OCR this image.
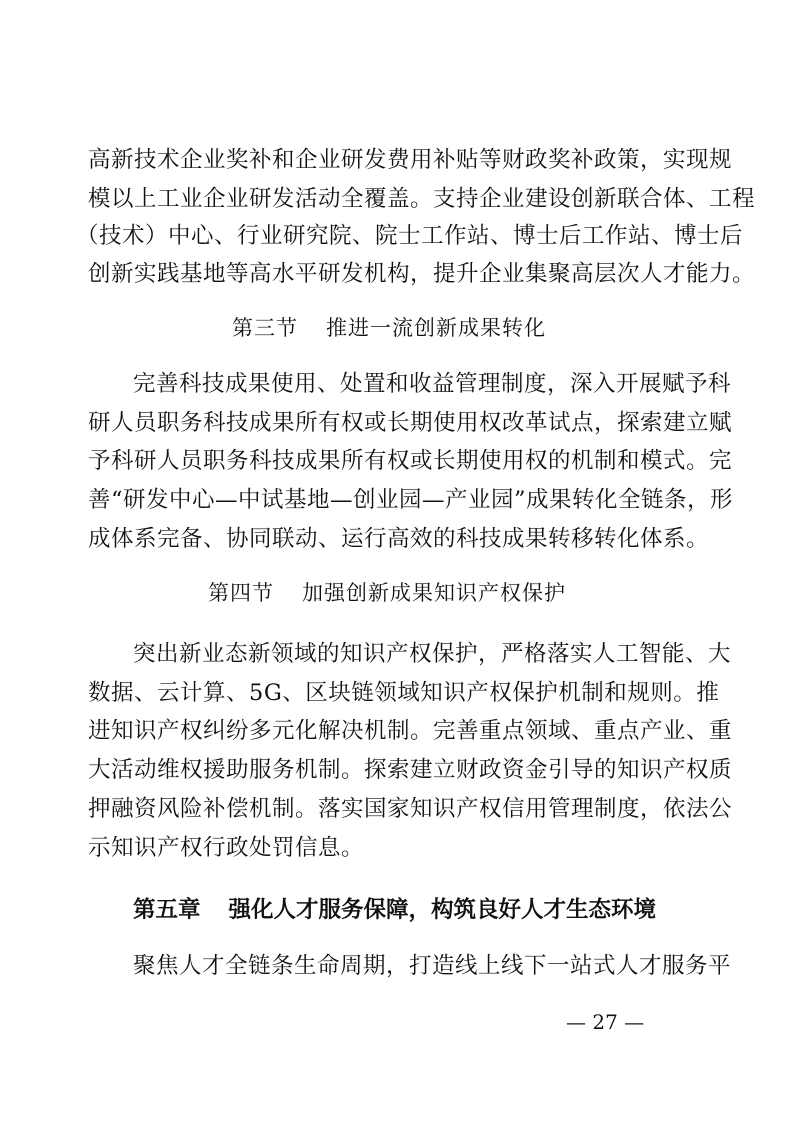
高新技术企业奖补和企业研发费用补贴等财政奖补政策，实现规
模以上工业企业研发活动全覆盖。支持企业建设创新联合体、工程
（技术）中心、行业研究院、院士工作站、博士后工作站、博士后
创新实践基地等高水平研发机构，提升企业集聚高层次人才能力。
第三节 推进一流创新成果转化
完善科技成果使用、处置和收益管理制度，深入开展赋予科
研人员职务科技成果所有权或长期使用权改革试点，探索建立赋
予科研人员职务科技成果所有权或长期使用权的机制和模式。完
善“研发中心—中试基地—创业园—产业园”成果转化全链条，形
成体系完备、协同联动、运行高效的科技成果转移转化体系。
第四节 加强创新成果知识产权保护
突出新业态新领域的知识产权保护，严格落实人工智能、大
数据、云计算、5G、区块链领域知识产权保护机制和规则。推
进知识产权纠纷多元化解决机制。完善重点领域、重点产业、重
大活动维权援助服务机制。探索建立财政资金引导的知识产权质
押融资风险补偿机制。落实国家知识产权信用管理制度，依法公
示知识产权行政处罚信息。
第五章 强化人才服务保障，构筑良好人才生态环境
聚焦人才全链条生命周期，打造线上线下一站式人才服务平
— 27 —
